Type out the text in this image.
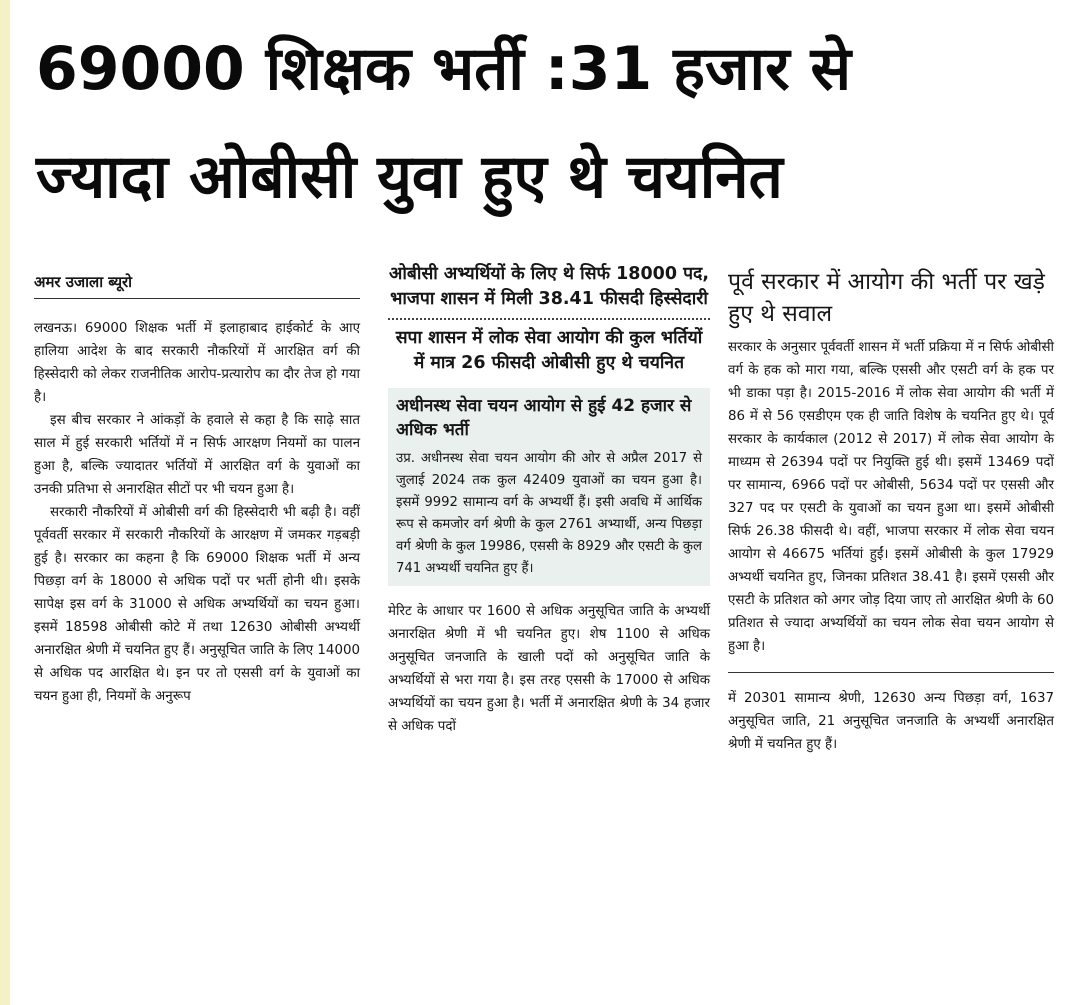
69000 शिक्षक भर्ती :31 हजार से
ज्यादा ओबीसी युवा हुए थे चयनित
अमर उजाला ब्यूरो

लखनऊ। 69000 शिक्षक भर्ती में इलाहाबाद हाईकोर्ट के आए हालिया आदेश के बाद सरकारी नौकरियों में आरक्षित वर्ग की हिस्सेदारी को लेकर राजनीतिक आरोप-प्रत्यारोप का दौर तेज हो गया है।

इस बीच सरकार ने आंकड़ों के हवाले से कहा है कि साढ़े सात साल में हुई सरकारी भर्तियों में न सिर्फ आरक्षण नियमों का पालन हुआ है, बल्कि ज्यादातर भर्तियों में आरक्षित वर्ग के युवाओं का उनकी प्रतिभा से अनारक्षित सीटों पर भी चयन हुआ है।

सरकारी नौकरियों में ओबीसी वर्ग की हिस्सेदारी भी बढ़ी है। वहीं पूर्ववर्ती सरकार में सरकारी नौकरियों के आरक्षण में जमकर गड़बड़ी हुई है। सरकार का कहना है कि 69000 शिक्षक भर्ती में अन्य पिछड़ा वर्ग के 18000 से अधिक पदों पर भर्ती होनी थी। इसके सापेक्ष इस वर्ग के 31000 से अधिक अभ्यर्थियों का चयन हुआ। इसमें 18598 ओबीसी कोटे में तथा 12630 ओबीसी अभ्यर्थी अनारक्षित श्रेणी में चयनित हुए हैं। अनुसूचित जाति के लिए 14000 से अधिक पद आरक्षित थे। इन पर तो एससी वर्ग के युवाओं का चयन हुआ ही, नियमों के अनुरूप

ओबीसी अभ्यर्थियों के लिए थे सिर्फ 18000 पद, भाजपा शासन में मिली 38.41 फीसदी हिस्सेदारी

सपा शासन में लोक सेवा आयोग की कुल भर्तियों में मात्र 26 फीसदी ओबीसी हुए थे चयनित

अधीनस्थ सेवा चयन आयोग से हुई 42 हजार से अधिक भर्ती

उप्र. अधीनस्थ सेवा चयन आयोग की ओर से अप्रैल 2017 से जुलाई 2024 तक कुल 42409 युवाओं का चयन हुआ है। इसमें 9992 सामान्य वर्ग के अभ्यर्थी हैं। इसी अवधि में आर्थिक रूप से कमजोर वर्ग श्रेणी के कुल 2761 अभ्यार्थी, अन्य पिछड़ा वर्ग श्रेणी के कुल 19986, एससी के 8929 और एसटी के कुल 741 अभ्यर्थी चयनित हुए हैं।

मेरिट के आधार पर 1600 से अधिक अनुसूचित जाति के अभ्यर्थी अनारक्षित श्रेणी में भी चयनित हुए। शेष 1100 से अधिक अनुसूचित जनजाति के खाली पदों को अनुसूचित जाति के अभ्यर्थियों से भरा गया है। इस तरह एससी के 17000 से अधिक अभ्यर्थियों का चयन हुआ है। भर्ती में अनारक्षित श्रेणी के 34 हजार से अधिक पदों

पूर्व सरकार में आयोग की भर्ती पर खड़े हुए थे सवाल

सरकार के अनुसार पूर्ववर्ती शासन में भर्ती प्रक्रिया में न सिर्फ ओबीसी वर्ग के हक को मारा गया, बल्कि एससी और एसटी वर्ग के हक पर भी डाका पड़ा है। 2015-2016 में लोक सेवा आयोग की भर्ती में 86 में से 56 एसडीएम एक ही जाति विशेष के चयनित हुए थे। पूर्व सरकार के कार्यकाल (2012 से 2017) में लोक सेवा आयोग के माध्यम से 26394 पदों पर नियुक्ति हुई थी। इसमें 13469 पदों पर सामान्य, 6966 पदों पर ओबीसी, 5634 पदों पर एससी और 327 पद पर एसटी के युवाओं का चयन हुआ था। इसमें ओबीसी सिर्फ 26.38 फीसदी थे। वहीं, भाजपा सरकार में लोक सेवा चयन आयोग से 46675 भर्तियां हुईं। इसमें ओबीसी के कुल 17929 अभ्यर्थी चयनित हुए, जिनका प्रतिशत 38.41 है। इसमें एससी और एसटी के प्रतिशत को अगर जोड़ दिया जाए तो आरक्षित श्रेणी के 60 प्रतिशत से ज्यादा अभ्यर्थियों का चयन लोक सेवा चयन आयोग से हुआ है।

में 20301 सामान्य श्रेणी, 12630 अन्य पिछड़ा वर्ग, 1637 अनुसूचित जाति, 21 अनुसूचित जनजाति के अभ्यर्थी अनारक्षित श्रेणी में चयनित हुए हैं।
